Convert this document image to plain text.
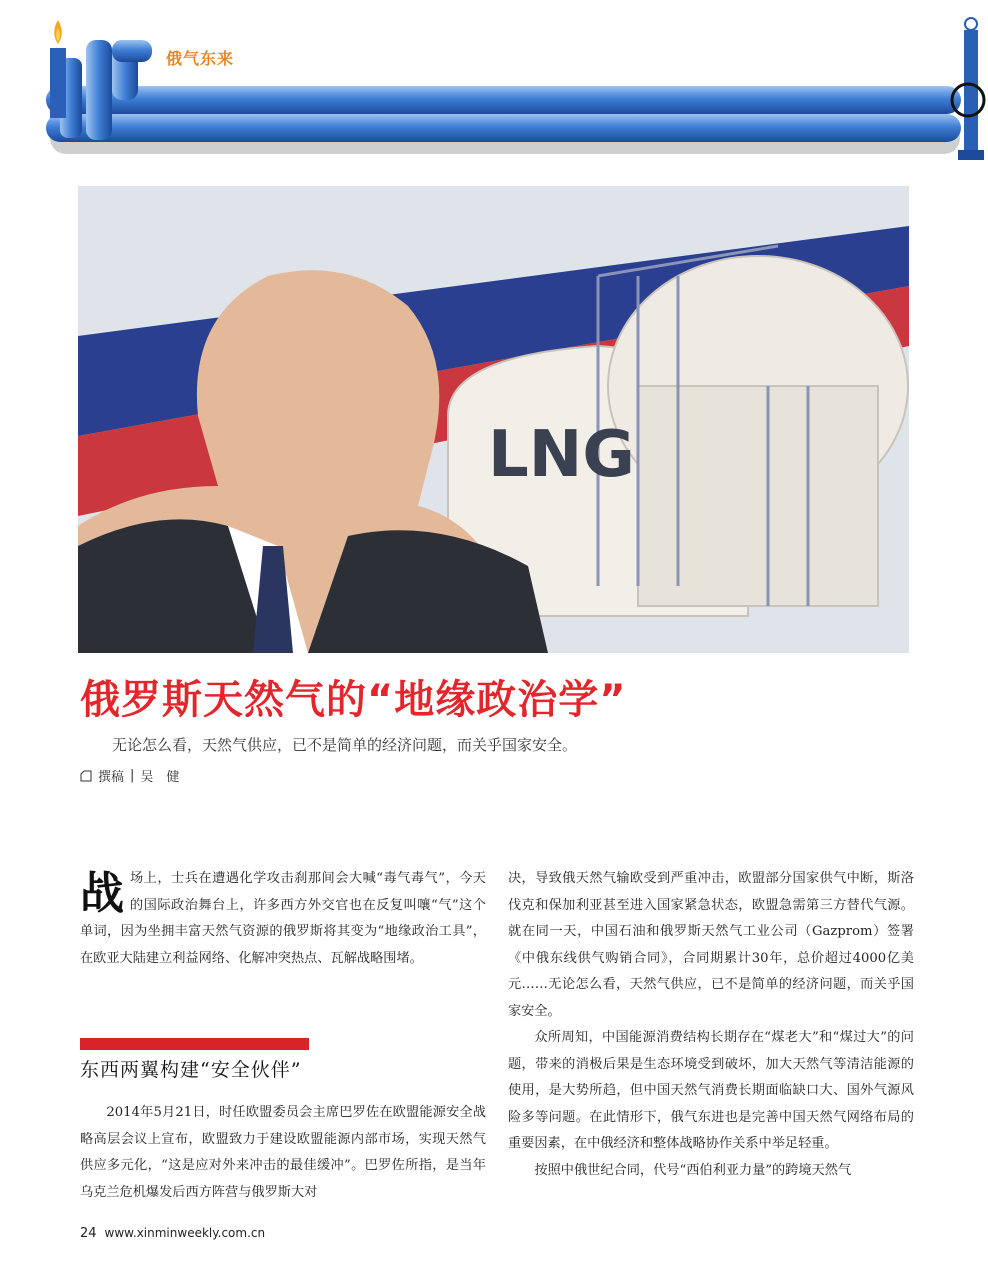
俄气东来
LNG
俄罗斯天然气的“地缘政治学”
无论怎么看，天然气供应，已不是简单的经济问题，而关乎国家安全。
撰稿 | 吴　健

战场上，士兵在遭遇化学攻击刹那间会大喊“毒气毒气”，今天的国际政治舞台上，许多西方外交官也在反复叫嚷“气”这个单词，因为坐拥丰富天然气资源的俄罗斯将其变为“地缘政治工具”，在欧亚大陆建立利益网络、化解冲突热点、瓦解战略围堵。

东西两翼构建“安全伙伴”

2014年5月21日，时任欧盟委员会主席巴罗佐在欧盟能源安全战略高层会议上宣布，欧盟致力于建设欧盟能源内部市场，实现天然气供应多元化，“这是应对外来冲击的最佳缓冲”。巴罗佐所指，是当年乌克兰危机爆发后西方阵营与俄罗斯大对

决，导致俄天然气输欧受到严重冲击，欧盟部分国家供气中断，斯洛伐克和保加利亚甚至进入国家紧急状态，欧盟急需第三方替代气源。就在同一天，中国石油和俄罗斯天然气工业公司（Gazprom）签署《中俄东线供气购销合同》，合同期累计30年，总价超过4000亿美元……无论怎么看，天然气供应，已不是简单的经济问题，而关乎国家安全。

众所周知，中国能源消费结构长期存在“煤老大”和“煤过大”的问题，带来的消极后果是生态环境受到破坏，加大天然气等清洁能源的使用，是大势所趋，但中国天然气消费长期面临缺口大、国外气源风险多等问题。在此情形下，俄气东进也是完善中国天然气网络布局的重要因素，在中俄经济和整体战略协作关系中举足轻重。

按照中俄世纪合同，代号“西伯利亚力量”的跨境天然气

24 www.xinminweekly.com.cn
